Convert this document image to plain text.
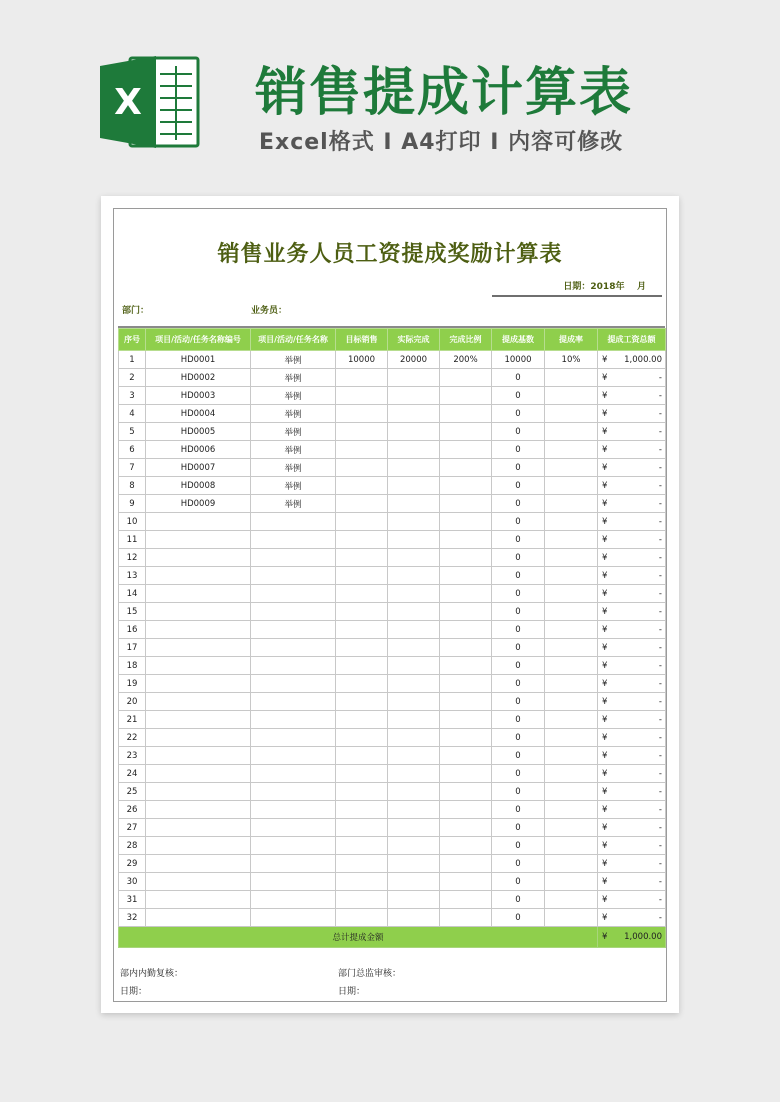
X 销售提成计算表
Excel格式 I A4打印 I 内容可修改
销售业务人员工资提成奖励计算表
日期：2018年    月
部门：	业务员：
序号	项目/活动/任务名称编号	项目/活动/任务名称	目标销售	实际完成	完成比例	提成基数	提成率	提成工资总额
1	HD0001	举例	10000	20000	200%	10000	10%	¥ 1,000.00
2	HD0002	举例				0		¥ -
3	HD0003	举例				0		¥ -
4	HD0004	举例				0		¥ -
5	HD0005	举例				0		¥ -
6	HD0006	举例				0		¥ -
7	HD0007	举例				0		¥ -
8	HD0008	举例				0		¥ -
9	HD0009	举例				0		¥ -
10						0		¥ -
11						0		¥ -
12						0		¥ -
13						0		¥ -
14						0		¥ -
15						0		¥ -
16						0		¥ -
17						0		¥ -
18						0		¥ -
19						0		¥ -
20						0		¥ -
21						0		¥ -
22						0		¥ -
23						0		¥ -
24						0		¥ -
25						0		¥ -
26						0		¥ -
27						0		¥ -
28						0		¥ -
29						0		¥ -
30						0		¥ -
31						0		¥ -
32						0		¥ -
总计提成金额								¥ 1,000.00
部内内勤复核：	部门总监审核：
日期：	日期：
